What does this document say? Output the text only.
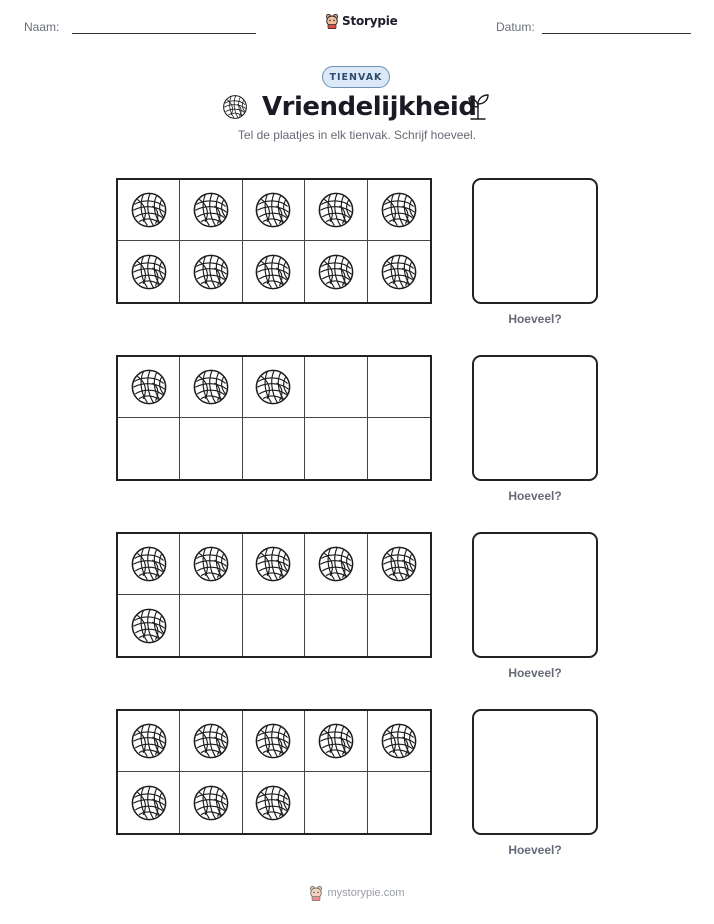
Naam:	Storypie	Datum:
TIENVAK
Vriendelijkheid
Tel de plaatjes in elk tienvak. Schrijf hoeveel.
Hoeveel?
Hoeveel?
Hoeveel?
Hoeveel?
mystorypie.com
